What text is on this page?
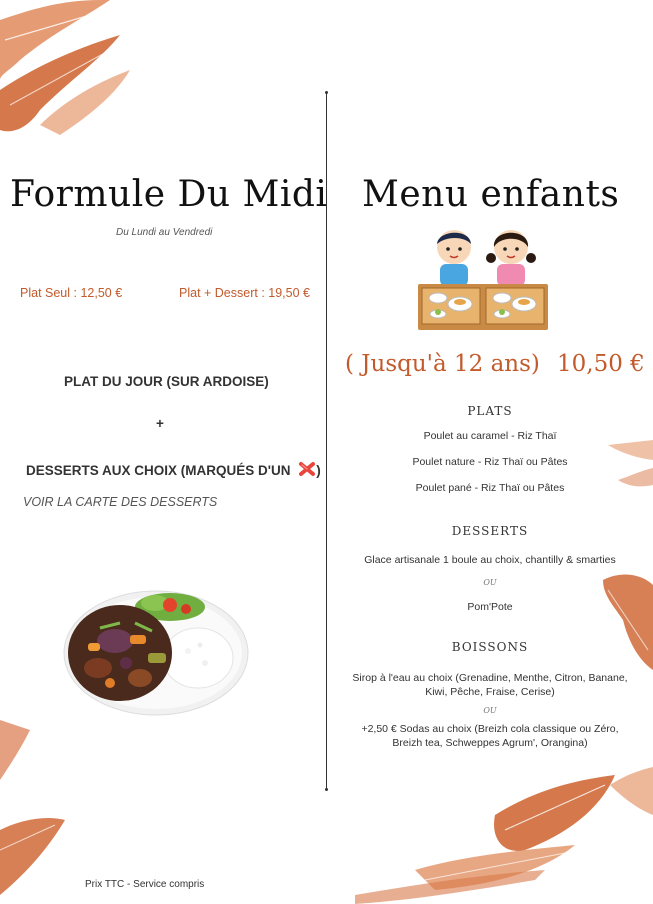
Formule Du Midi
Du Lundi au Vendredi
Plat Seul : 12,50 €	Plat + Dessert : 19,50 €
PLAT DU JOUR (SUR ARDOISE)
+
DESSERTS AUX CHOIX (MARQUÉS D'UN )
VOIR LA CARTE DES DESSERTS
Menu enfants
( Jusqu'à 12 ans) 10,50 €
PLATS
Poulet au caramel - Riz Thaï
Poulet nature - Riz Thaï ou Pâtes
Poulet pané - Riz Thaï ou Pâtes
DESSERTS
Glace artisanale 1 boule au choix, chantilly & smarties
OU
Pom'Pote
BOISSONS
Sirop à l'eau au choix (Grenadine, Menthe, Citron, Banane,
Kiwi, Pêche, Fraise, Cerise)
OU
+2,50 € Sodas au choix (Breizh cola classique ou Zéro,
Breizh tea, Schweppes Agrum', Orangina)
Prix TTC - Service compris
